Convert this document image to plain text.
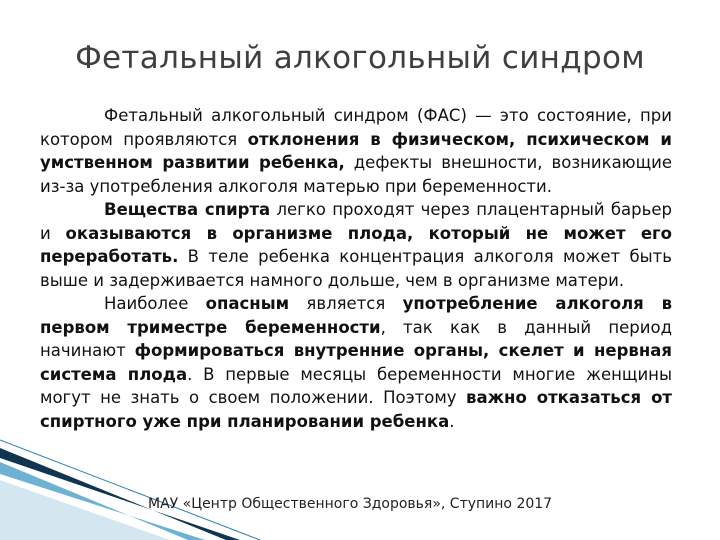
Фетальный алкогольный синдром

Фетальный алкогольный синдром (ФАС) — это состояние, при котором проявляются отклонения в физическом, психическом и умственном развитии ребенка, дефекты внешности, возникающие из-за употребления алкоголя матерью при беременности.

Вещества спирта легко проходят через плацентарный барьер и оказываются в организме плода, который не может его переработать. В теле ребенка концентрация алкоголя может быть выше и задерживается намного дольше, чем в организме матери.

Наиболее опасным является употребление алкоголя в первом триместре беременности, так как в данный период начинают формироваться внутренние органы, скелет и нервная система плода. В первые месяцы беременности многие женщины могут не знать о своем положении. Поэтому важно отказаться от спиртного уже при планировании ребенка.

МАУ «Центр Общественного Здоровья», Ступино 2017
